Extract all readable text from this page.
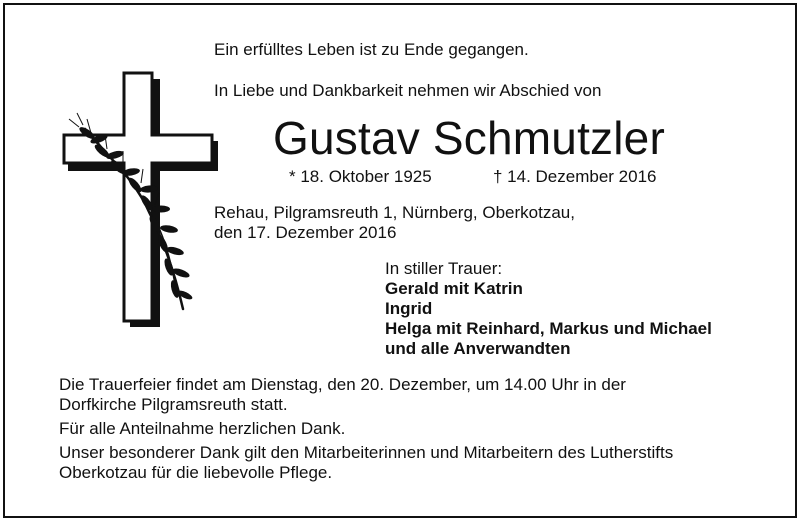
Ein erfülltes Leben ist zu Ende gegangen.
In Liebe und Dankbarkeit nehmen wir Abschied von
Gustav Schmutzler
* 18. Oktober 1925	† 14. Dezember 2016
Rehau, Pilgramsreuth 1, Nürnberg, Oberkotzau,
den 17. Dezember 2016
In stiller Trauer:
Gerald mit Katrin
Ingrid
Helga mit Reinhard, Markus und Michael
und alle Anverwandten
Die Trauerfeier findet am Dienstag, den 20. Dezember, um 14.00 Uhr in der
Dorfkirche Pilgramsreuth statt.
Für alle Anteilnahme herzlichen Dank.
Unser besonderer Dank gilt den Mitarbeiterinnen und Mitarbeitern des Lutherstifts
Oberkotzau für die liebevolle Pflege.
